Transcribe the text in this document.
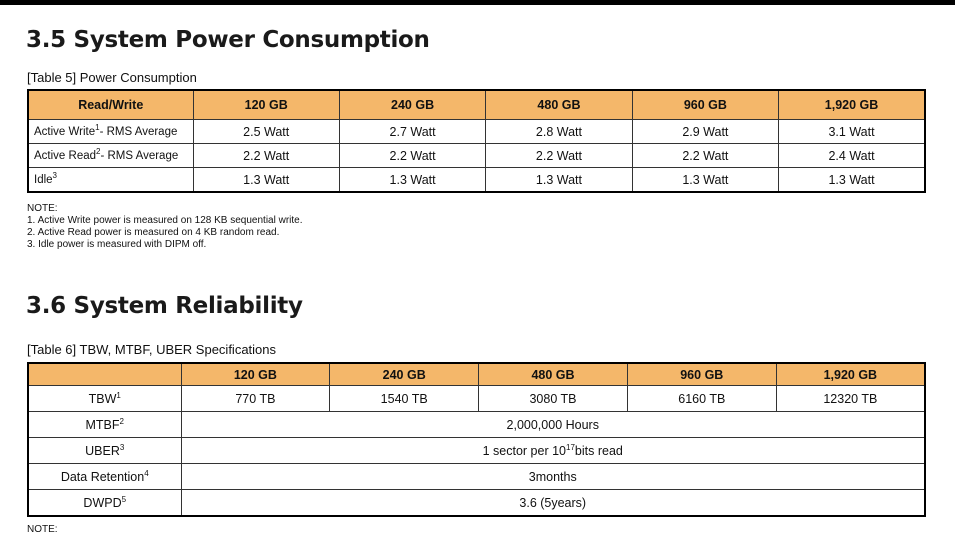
3.5 System Power Consumption

[Table 5] Power Consumption

Read/Write	120 GB	240 GB	480 GB	960 GB	1,920 GB
Active Write$^1$- RMS Average	2.5 Watt	2.7 Watt	2.8 Watt	2.9 Watt	3.1 Watt
Active Read$^2$- RMS Average	2.2 Watt	2.2 Watt	2.2 Watt	2.2 Watt	2.4 Watt
Idle$^3$	1.3 Watt	1.3 Watt	1.3 Watt	1.3 Watt	1.3 Watt
NOTE:
1. Active Write power is measured on 128 KB sequential write.
2. Active Read power is measured on 4 KB random read.
3. Idle power is measured with DIPM off.
3.6 System Reliability

[Table 6] TBW, MTBF, UBER Specifications

	120 GB	240 GB	480 GB	960 GB	1,920 GB
TBW$^1$	770 TB	1540 TB	3080 TB	6160 TB	12320 TB
MTBF$^2$	2,000,000 Hours				
UBER$^3$	1 sector per $10^{17}bits$ read				
Data Retention$^4$	3months				
DWPD$^5$	3.6 (5years)				
NOTE:
